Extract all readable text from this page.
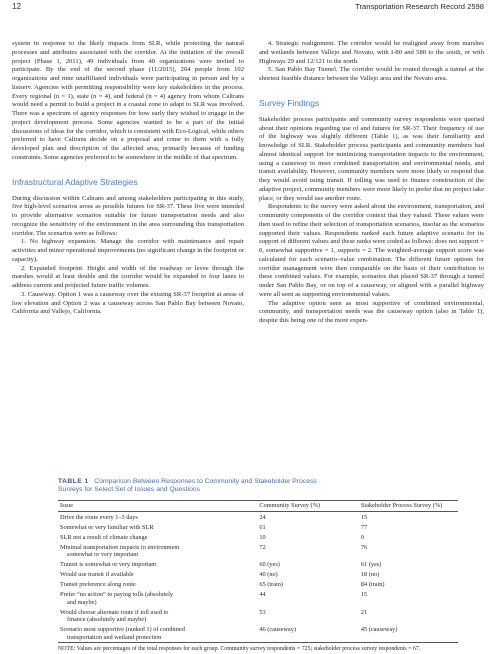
12	Transportation Research Record 2598

system in response to the likely impacts from SLR, while protecting the natural processes and attributes associated with the corridor. At the initiation of the overall project (Phase 1, 2011), 49 individuals from 40 organizations were invited to participate. By the end of the second phase (11/2015), 204 people from 102 organizations and nine unaffiliated individuals were participating in person and by a listserv. Agencies with permitting responsibility were key stakeholders in the process. Every regional (n = 1), state (n = 4), and federal (n = 4) agency from whom Caltrans would need a permit to build a project in a coastal zone to adapt to SLR was involved. There was a spectrum of agency responses for how early they wished to engage in the project development process. Some agencies wanted to be a part of the initial discussions of ideas for the corridor, which is consistent with Eco-Logical, while others preferred to have Caltrans decide on a proposal and come to them with a fully developed plan and description of the affected area, primarily because of funding constraints. Some agencies preferred to be somewhere in the middle of that spectrum.

Infrastructural Adaptive Strategies

During discussion within Caltrans and among stakeholders participating in this study, five high-level scenarios arose as possible futures for SR-37. These five were intended to provide alternative scenarios suitable for future transportation needs and also recognize the sensitivity of the environment in the area surrounding this transportation corridor. The scenarios were as follows:

1. No highway expansion. Manage the corridor with maintenance and repair activities and minor operational improvements (no significant change in the footprint or capacity).

2. Expanded footprint. Height and width of the roadway or levee through the marshes would at least double and the corridor would be expanded to four lanes to address current and projected future traffic volumes.

3. Causeway. Option 1 was a causeway over the existing SR-37 footprint at areas of low elevation and Option 2 was a causeway across San Pablo Bay between Novato, California and Vallejo, California.

4. Strategic realignment. The corridor would be realigned away from marshes and wetlands between Vallejo and Novato, with I-80 and 580 to the south, or with Highways 29 and 12/121 to the north.

5. San Pablo Bay Tunnel. The corridor would be routed through a tunnel at the shortest feasible distance between the Vallejo area and the Novato area.

Survey Findings

Stakeholder process participants and community survey respondents were queried about their opinions regarding use of and futures for SR-37. Their frequency of use of the highway was slightly different (Table 1), as was their familiarity and knowledge of SLR. Stakeholder process participants and community members had almost identical support for minimizing transportation impacts to the environment, using a causeway to meet combined transportation and environmental needs, and transit availability. However, community members were more likely to respond that they would avoid using transit. If tolling was used to finance construction of the adaptive project, community members were more likely to prefer that no project take place, or they would use another route.

Respondents to the survey were asked about the environment, transportation, and community components of the corridor context that they valued. These values were then used to refine their selection of transportation scenarios, insofar as the scenarios supported their values. Respondents ranked each future adaptive scenario for its support of different values and these ranks were coded as follows: does not support = 0, somewhat supportive = 1, supports = 2. The weighted-average support score was calculated for each scenario–value combination. The different future options for corridor management were then comparable on the basis of their contribution to these combined values. For example, scenarios that placed SR-37 through a tunnel under San Pablo Bay, or on top of a causeway, or aligned with a parallel highway were all seen as supporting environmental values.

The adaptive option seen as most supportive of combined environmental, community, and transportation needs was the causeway option (also in Table 1), despite this being one of the more expen-

TABLE 1 Comparison Between Responses to Community and Stakeholder Process
Surveys for Select Set of Issues and Questions
Issue	Community Survey (%)	Stakeholder Process Survey (%)
Drive the route every 1–3 days	24	15
Somewhat or very familiar with SLR	61	77
SLR not a result of climate change	10	0
Minimal transportation impacts to environment
somewhat or very important	72	76
Transit is somewhat or very important	60 (yes)	61 (yes)
Would use transit if available	40 (no)	18 (no)
Transit preference along route	65 (train)	84 (train)
Prefer “no action” to paying tolls (absolutely
and maybe)	44	15
Would choose alternate route if toll used to
finance (absolutely and maybe)	53	21
Scenario most supportive (ranked 1) of combined
transportation and wetland protection	46 (causeway)	45 (causeway)
NOTE: Values are percentages of the total responses for each group. Community survey respondents = 725; stakeholder process survey respondents = 67.
